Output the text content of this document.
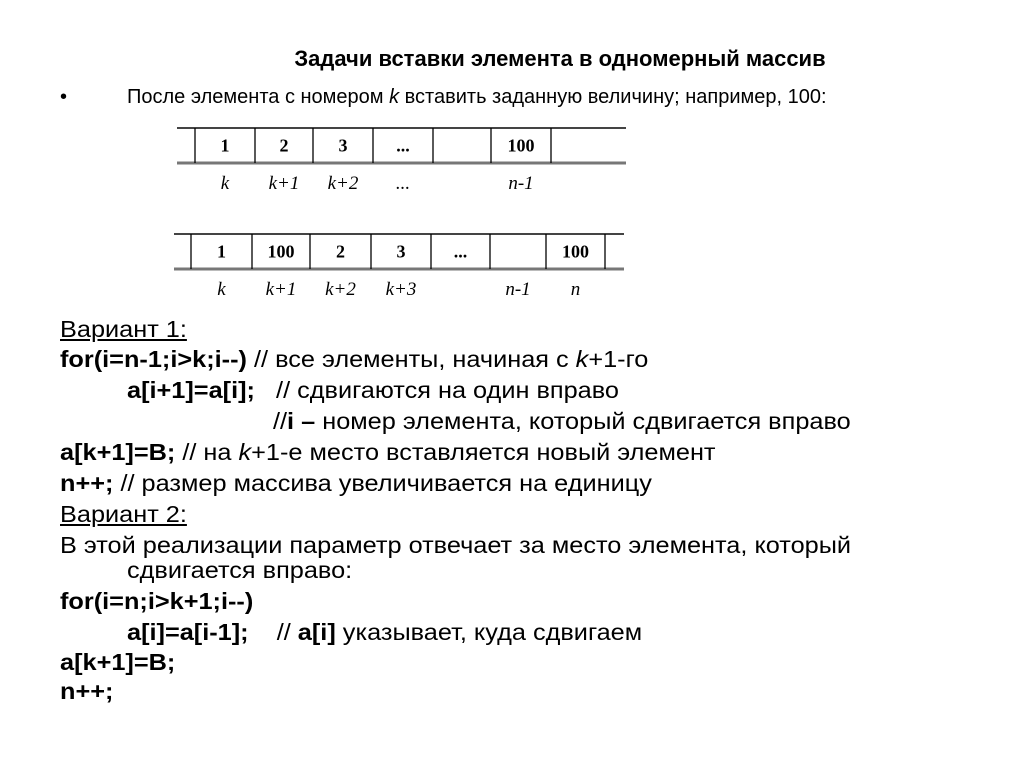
Задачи вставки элемента в одномерный массив
•	После элемента с номером k вставить заданную величину; например, 100:
1
k
2
k+1
3
k+2
...
...
100
n-1
1
k
100
k+1
2
k+2
3
k+3
...
n-1
100
n
Вариант 1:
for(i=n-1;i>k;i--) // все элементы, начиная с k+1-го
a[i+1]=a[i];   // сдвигаются на один вправо
//i – номер элемента, который сдвигается вправо
a[k+1]=B; // на k+1-е место вставляется новый элемент
n++; // размер массива увеличивается на единицу
Вариант 2:
В этой реализации параметр отвечает за место элемента, который
сдвигается вправо:
for(i=n;i>k+1;i--)
a[i]=a[i-1];    // a[i] указывает, куда сдвигаем
a[k+1]=B;
n++;
